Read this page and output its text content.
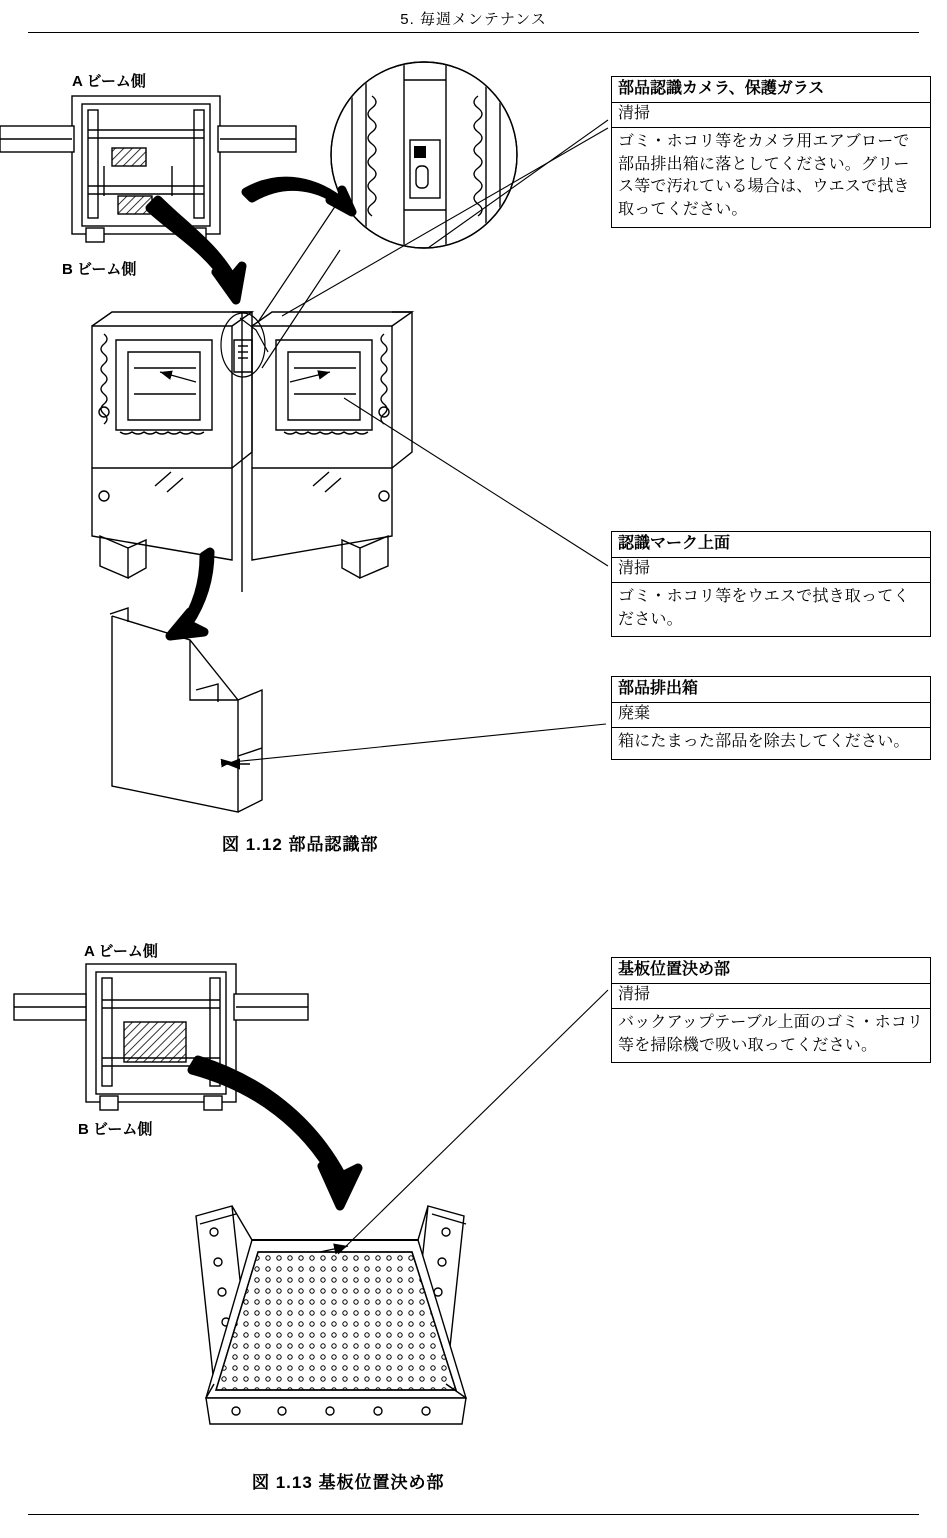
5. 毎週メンテナンス
A ビーム側
B ビーム側
A ビーム側
B ビーム側
部品認識カメラ、保護ガラス
清掃
ゴミ・ホコリ等をカメラ用エアブローで部品排出箱に落としてください。グリース等で汚れている場合は、ウエスで拭き取ってください。
認識マーク上面
清掃
ゴミ・ホコリ等をウエスで拭き取ってください。
部品排出箱
廃棄
箱にたまった部品を除去してください。
基板位置決め部
清掃
バックアップテーブル上面のゴミ・ホコリ等を掃除機で吸い取ってください。
図 1.12 部品認識部
図 1.13 基板位置決め部
